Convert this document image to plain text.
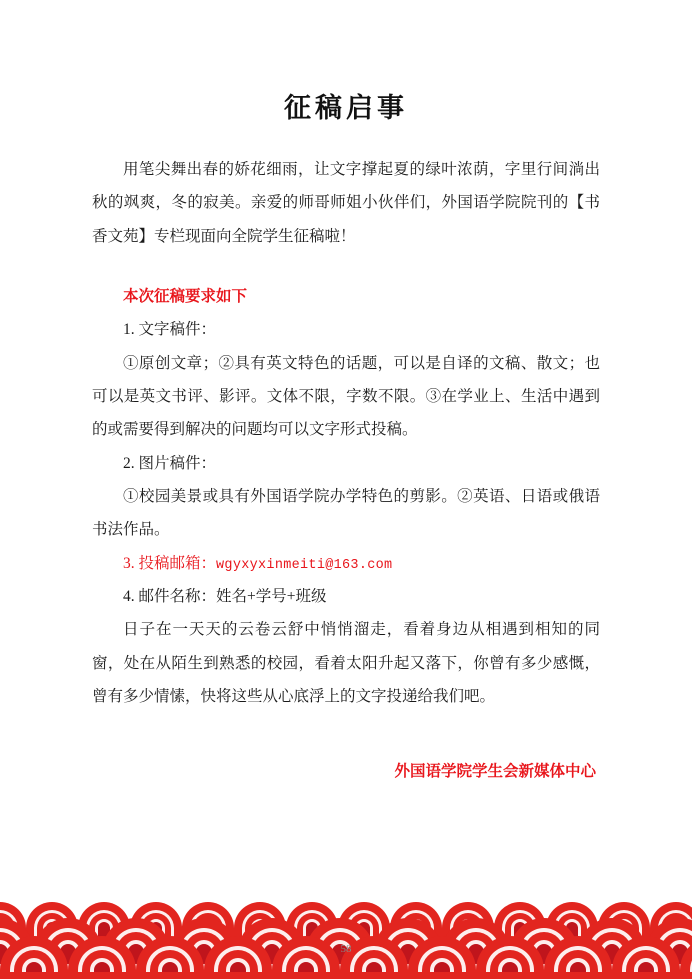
征稿启事

用笔尖舞出春的娇花细雨，让文字撑起夏的绿叶浓荫，字里行间淌出秋的飒爽，冬的寂美。亲爱的师哥师姐小伙伴们，外国语学院院刊的【书香文苑】专栏现面向全院学生征稿啦！

本次征稿要求如下

1. 文字稿件：

①原创文章；②具有英文特色的话题，可以是自译的文稿、散文；也可以是英文书评、影评。文体不限，字数不限。③在学业上、生活中遇到的或需要得到解决的问题均可以文字形式投稿。

2. 图片稿件：

①校园美景或具有外国语学院办学特色的剪影。②英语、日语或俄语书法作品。

3. 投稿邮箱：wgyxyxinmeiti@163.com

4. 邮件名称：姓名+学号+班级

日子在一天天的云卷云舒中悄悄溜走，看着身边从相遇到相知的同窗，处在从陌生到熟悉的校园，看着太阳升起又落下，你曾有多少感慨，曾有多少情愫，快将这些从心底浮上的文字投递给我们吧。

外国语学院学生会新媒体中心

58
